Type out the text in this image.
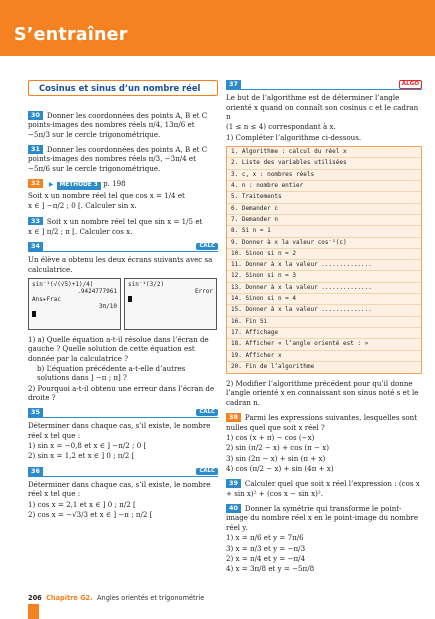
S’entraîner
Cosinus et sinus d’un nombre réel

30 Donner les coordonnées des points A, B et C points-images des nombres réels π/4, 13π/6 et −5π/3 sur le cercle trigonométrique.

31 Donner les coordonnées des points A, B et C points-images des nombres réels π/3, −3π/4 et −5π/6 sur le cercle trigonométrique.

32 ▶ MÉTHODE 3 p. 198

Soit x un nombre réel tel que cos x = 1/4 et

x ∈ ] −π/2 ; 0 [. Calculer sin x.

33 Soit x un nombre réel tel que sin x = 1/5 et

x ∈ ] π/2 ; π [. Calculer cos x.

34	CALC

Un élève a obtenu les deux écrans suivants avec sa calculatrice.

sin⁻¹(√(√5)+1)/4)
.9424777961
Ans▸Frac
3π/10
sin⁻¹(3/2)
Error

1) a) Quelle équation a-t-il résolue dans l’écran de gauche ? Quelle solution de cette équation est donnée par la calculatrice ?

b) L’équation précédente a-t-elle d’autres solutions dans ] −π ; π] ?

2) Pourquoi a-t-il obtenu une erreur dans l’écran de droite ?

35	CALC

Déterminer dans chaque cas, s’il existe, le nombre réel x tel que :

1) sin x = −0,8 et x ∈ ] −π/2 ; 0 [

2) sin x = 1,2 et x ∈ ] 0 ; π/2 [

36	CALC

Déterminer dans chaque cas, s’il existe, le nombre réel x tel que :

1) cos x = 2,1 et x ∈ ] 0 ; π/2 [

2) cos x = −√3/3 et x ∈ ] −π ; π/2 [

37	ALGO

Le but de l’algorithme est de déterminer l’angle orienté x quand on connaît son cosinus c et le cadran n

(1 ≤ n ≤ 4) correspondant à x.

1) Compléter l’algorithme ci-dessous.

1. Algorithme : calcul du réel x
2. Liste des variables utilisées
3. c, x : nombres réels
4. n : nombre entier
5. Traitements
6. Demander c
7. Demander n
8. Si n = 1
9. Donner à x la valeur cos⁻¹(c)
10. Sinon si n = 2
11. Donner à x la valeur ..............
12. Sinon si n = 3
13. Donner à x la valeur ..............
14. Sinon si n = 4
15. Donner à x la valeur ..............
16. Fin Si
17. Affichage
18. Afficher « l’angle orienté est : »
19. Afficher x
20. Fin de l’algorithme

2) Modifier l’algorithme précédent pour qu’il donne l’angle orienté x en connaissant son sinus noté s et le cadran n.

38 Parmi les expressions suivantes, lesquelles sont nulles quel que soit x réel ?

1) cos (x + π) − cos (−x)

2) sin (π/2 − x) + cos (π − x)

3) sin (2π − x) + sin (π + x)

4) cos (π/2 − x) + sin (4π + x)

39 Calculer quel que soit x réel l’expression : (cos x + sin x)² + (cos x − sin x)².

40 Donner la symétrie qui transforme le point-image du nombre réel x en le point-image du nombre réel y.

1) x = π/6 et y = 7π/6

3) x = π/3 et y = −π/3

2) x = π/4 et y = −π/4

4) x = 3π/8 et y = −5π/8

206 Chapitre G2. Angles orientés et trigonométrie
